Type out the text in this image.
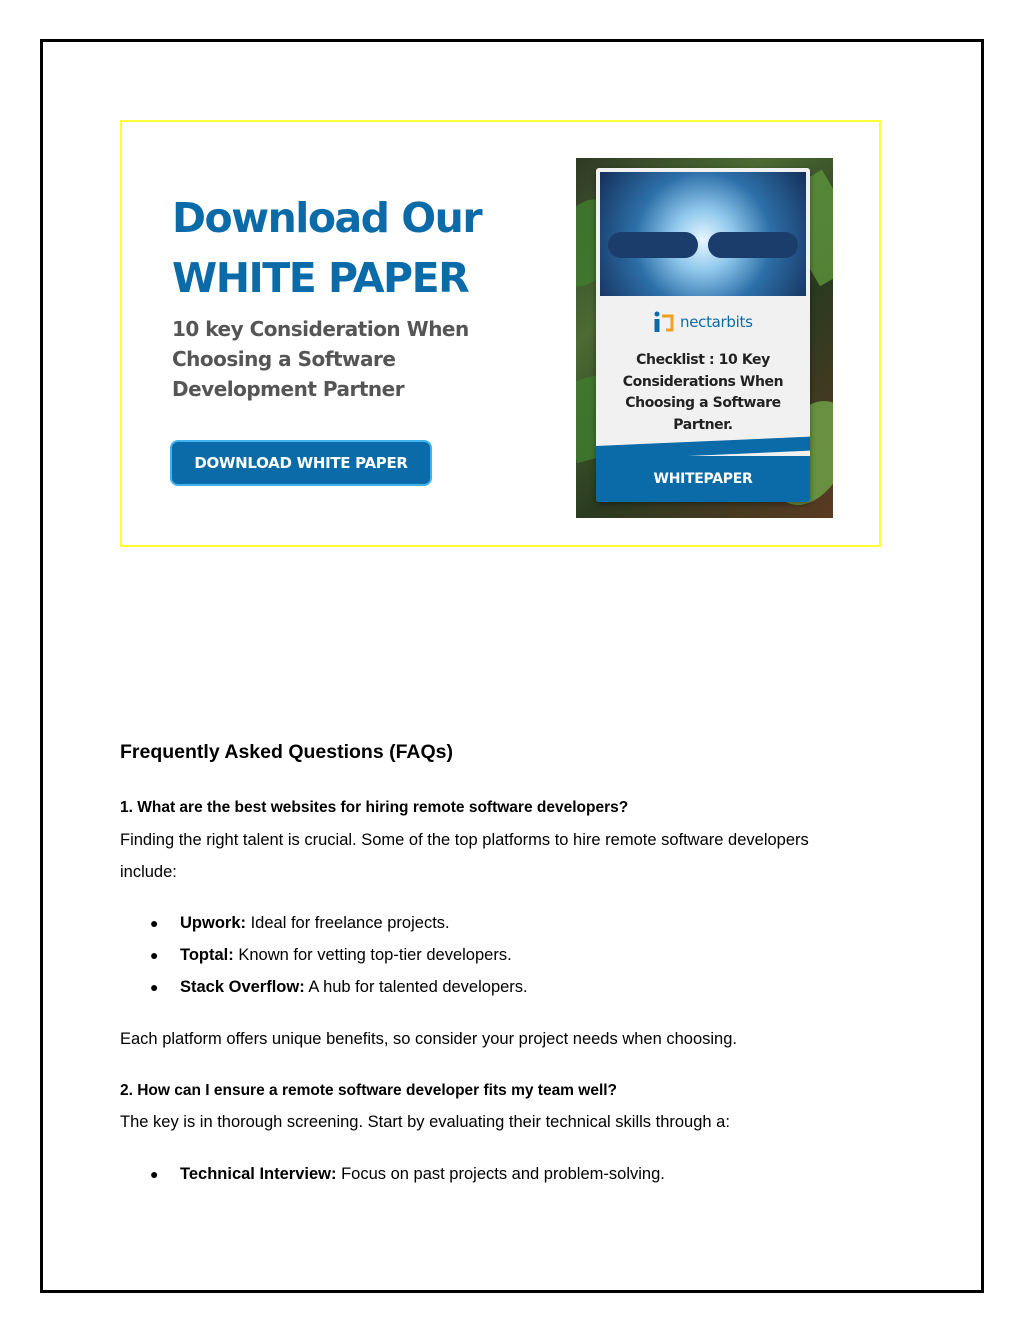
Download Our
WHITE PAPER
10 key Consideration When Choosing a Software Development Partner
DOWNLOAD WHITE PAPER
nectarbits
Checklist : 10 Key Considerations When Choosing a Software Partner.
WHITEPAPER
Frequently Asked Questions (FAQs)
1. What are the best websites for hiring remote software developers?
Finding the right talent is crucial. Some of the top platforms to hire remote software developers
include:
● Upwork: Ideal for freelance projects.
● Toptal: Known for vetting top-tier developers.
● Stack Overflow: A hub for talented developers.
Each platform offers unique benefits, so consider your project needs when choosing.
2. How can I ensure a remote software developer fits my team well?
The key is in thorough screening. Start by evaluating their technical skills through a:
● Technical Interview: Focus on past projects and problem-solving.
